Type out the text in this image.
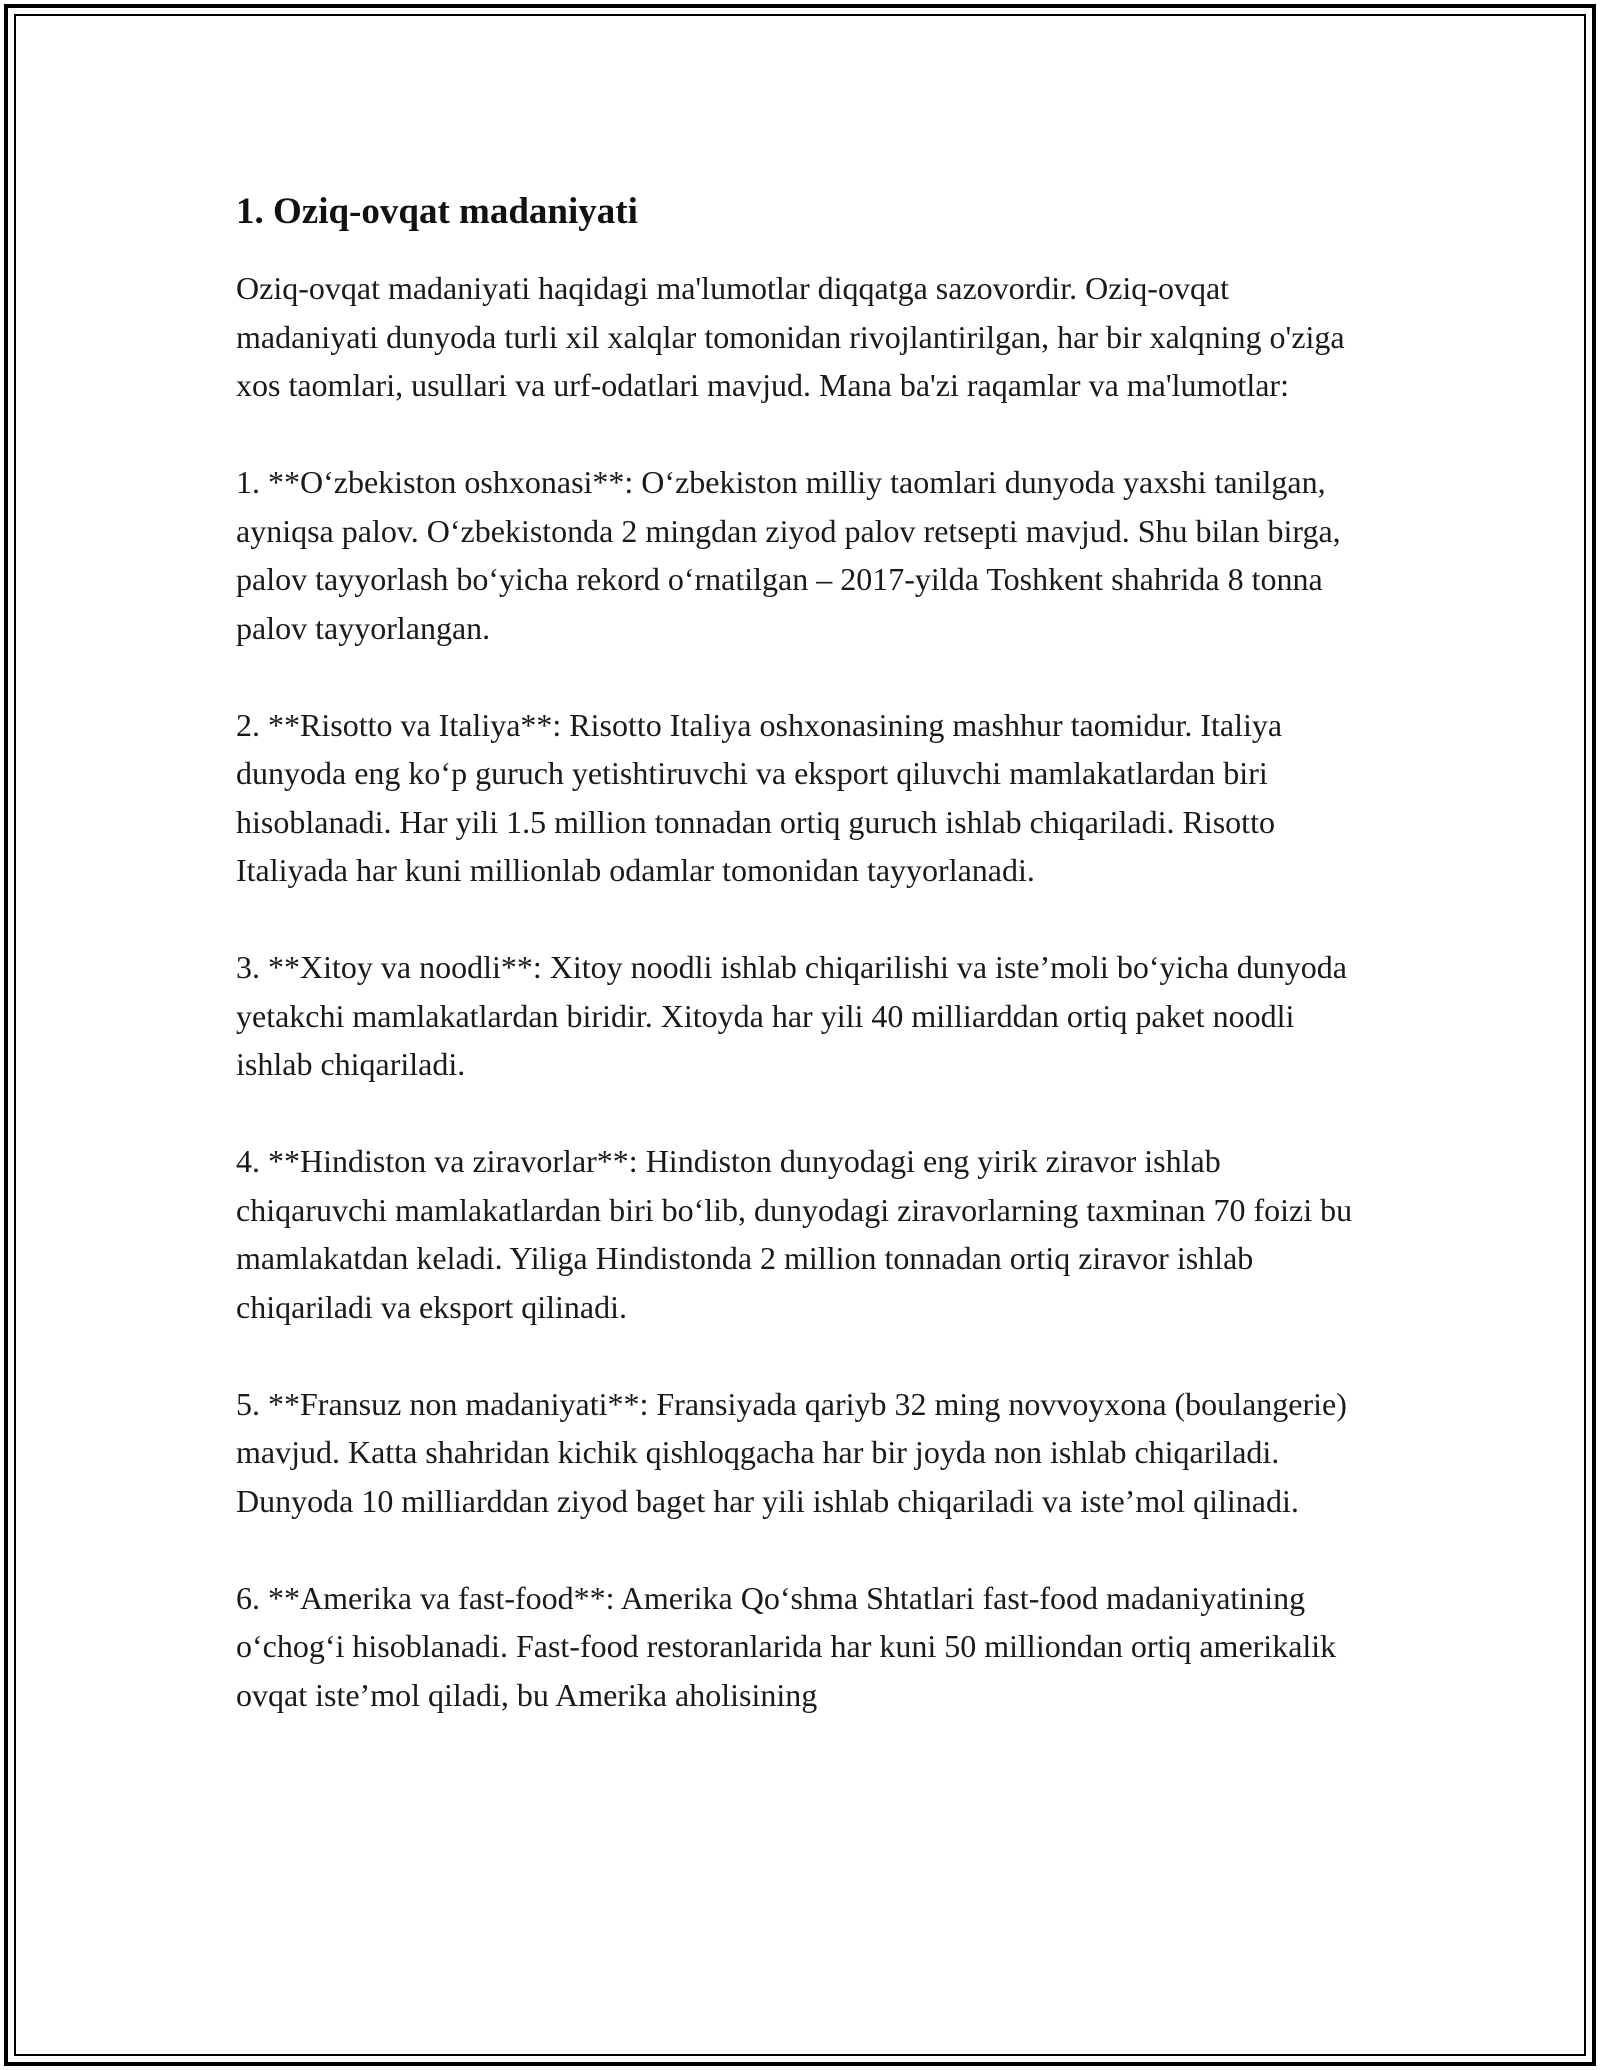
1. Oziq-ovqat madaniyati

Oziq-ovqat madaniyati haqidagi ma'lumotlar diqqatga sazovordir. Oziq-ovqat madaniyati dunyoda turli xil xalqlar tomonidan rivojlantirilgan, har bir xalqning o'ziga xos taomlari, usullari va urf-odatlari mavjud. Mana ba'zi raqamlar va ma'lumotlar:

1. **Oʻzbekiston oshxonasi**: Oʻzbekiston milliy taomlari dunyoda yaxshi tanilgan, ayniqsa palov. Oʻzbekistonda 2 mingdan ziyod palov retsepti mavjud. Shu bilan birga, palov tayyorlash boʻyicha rekord oʻrnatilgan – 2017-yilda Toshkent shahrida 8 tonna palov tayyorlangan.

2. **Risotto va Italiya**: Risotto Italiya oshxonasining mashhur taomidur. Italiya dunyoda eng koʻp guruch yetishtiruvchi va eksport qiluvchi mamlakatlardan biri hisoblanadi. Har yili 1.5 million tonnadan ortiq guruch ishlab chiqariladi. Risotto Italiyada har kuni millionlab odamlar tomonidan tayyorlanadi.

3. **Xitoy va noodli**: Xitoy noodli ishlab chiqarilishi va iste’moli boʻyicha dunyoda yetakchi mamlakatlardan biridir. Xitoyda har yili 40 milliarddan ortiq paket noodli ishlab chiqariladi.

4. **Hindiston va ziravorlar**: Hindiston dunyodagi eng yirik ziravor ishlab chiqaruvchi mamlakatlardan biri boʻlib, dunyodagi ziravorlarning taxminan 70 foizi bu mamlakatdan keladi. Yiliga Hindistonda 2 million tonnadan ortiq ziravor ishlab chiqariladi va eksport qilinadi.

5. **Fransuz non madaniyati**: Fransiyada qariyb 32 ming novvoyxona (boulangerie) mavjud. Katta shahridan kichik qishloqgacha har bir joyda non ishlab chiqariladi. Dunyoda 10 milliarddan ziyod baget har yili ishlab chiqariladi va iste’mol qilinadi.

6. **Amerika va fast-food**: Amerika Qoʻshma Shtatlari fast-food madaniyatining oʻchogʻi hisoblanadi. Fast-food restoranlarida har kuni 50 milliondan ortiq amerikalik ovqat iste’mol qiladi, bu Amerika aholisining
